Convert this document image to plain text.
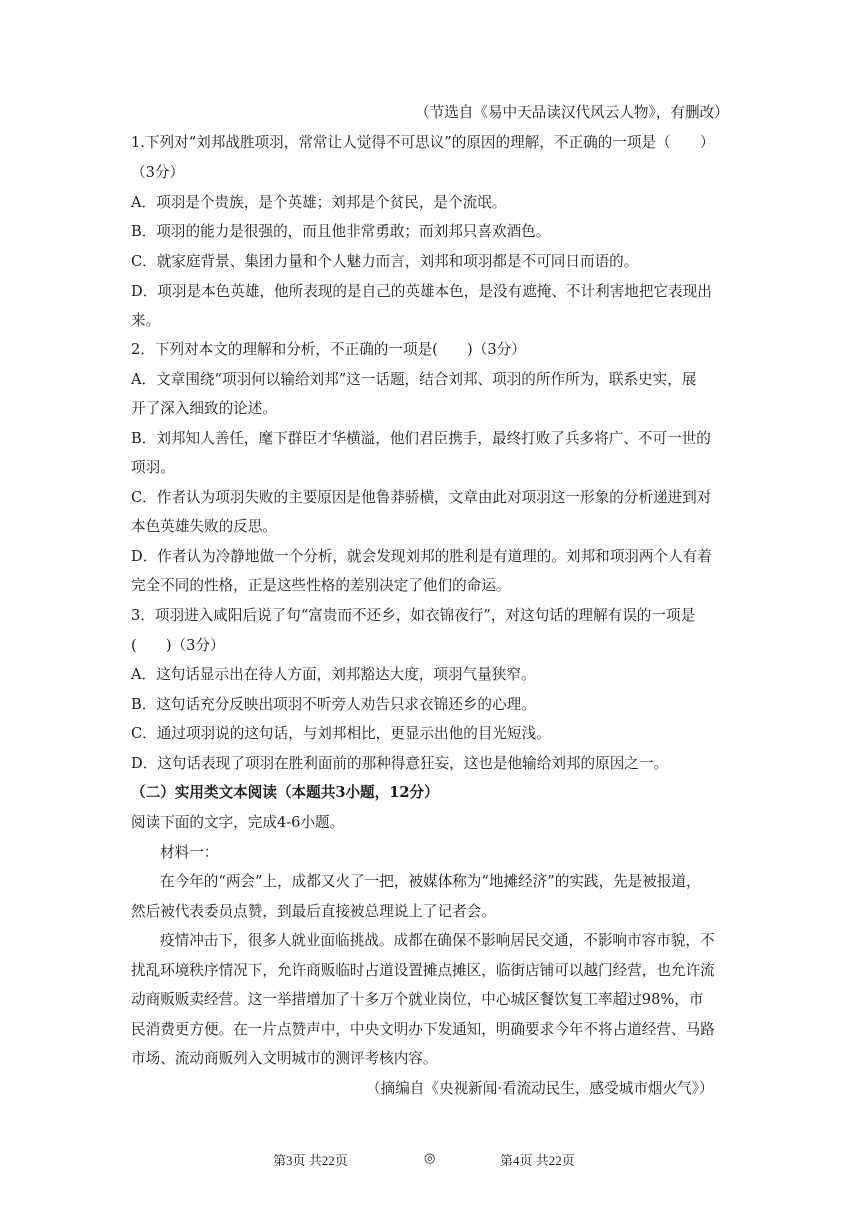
（节选自《易中天品读汉代风云人物》，有删改）
1.下列对“刘邦战胜项羽，常常让人觉得不可思议”的原因的理解，不正确的一项是（　　）
（3分）
A．项羽是个贵族，是个英雄；刘邦是个贫民，是个流氓。
B．项羽的能力是很强的，而且他非常勇敢；而刘邦只喜欢酒色。
C．就家庭背景、集团力量和个人魅力而言，刘邦和项羽都是不可同日而语的。
D．项羽是本色英雄，他所表现的是自己的英雄本色，是没有遮掩、不计利害地把它表现出
来。
2．下列对本文的理解和分析，不正确的一项是(　　)（3分）
A．文章围绕“项羽何以输给刘邦”这一话题，结合刘邦、项羽的所作所为，联系史实，展
开了深入细致的论述。
B．刘邦知人善任，麾下群臣才华横溢，他们君臣携手，最终打败了兵多将广、不可一世的
项羽。
C．作者认为项羽失败的主要原因是他鲁莽骄横，文章由此对项羽这一形象的分析递进到对
本色英雄失败的反思。
D．作者认为冷静地做一个分析，就会发现刘邦的胜利是有道理的。刘邦和项羽两个人有着
完全不同的性格，正是这些性格的差别决定了他们的命运。
3．项羽进入咸阳后说了句“富贵而不还乡，如衣锦夜行”，对这句话的理解有误的一项是
(　　)（3分）
A．这句话显示出在待人方面，刘邦豁达大度，项羽气量狭窄。
B．这句话充分反映出项羽不听旁人劝告只求衣锦还乡的心理。
C．通过项羽说的这句话，与刘邦相比，更显示出他的目光短浅。
D．这句话表现了项羽在胜利面前的那种得意狂妄，这也是他输给刘邦的原因之一。
（二）实用类文本阅读（本题共3小题，12分）
阅读下面的文字，完成4-6小题。
材料一：
在今年的“两会”上，成都又火了一把，被媒体称为“地摊经济”的实践，先是被报道，
然后被代表委员点赞，到最后直接被总理说上了记者会。
疫情冲击下，很多人就业面临挑战。成都在确保不影响居民交通，不影响市容市貌，不
扰乱环境秩序情况下，允许商贩临时占道设置摊点摊区，临街店铺可以越门经营，也允许流
动商贩贩卖经营。这一举措增加了十多万个就业岗位，中心城区餐饮复工率超过98%，市
民消费更方便。在一片点赞声中，中央文明办下发通知，明确要求今年不将占道经营、马路
市场、流动商贩列入文明城市的测评考核内容。
（摘编自《央视新闻·看流动民生，感受城市烟火气》）
第3页 共22页	◎	第4页 共22页
